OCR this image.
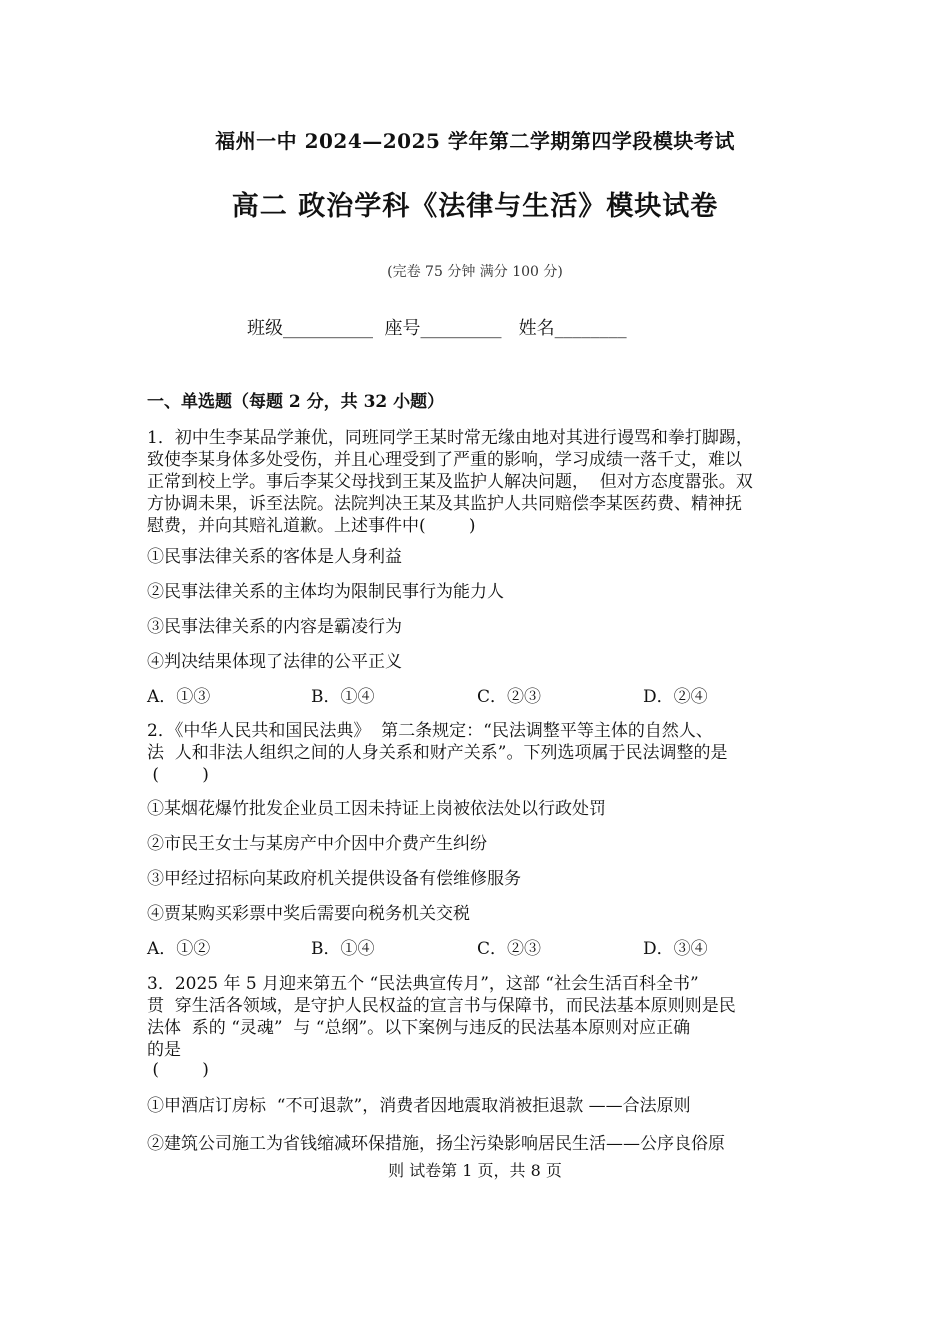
福州一中 2024—2025 学年第二学期第四学段模块考试
高二 政治学科《法律与生活》模块试卷
(完卷 75 分钟 满分 100 分)
班级__________  座号_________   姓名________
一、单选题（每题 2 分，共 32 小题）
1．初中生李某品学兼优，同班同学王某时常无缘由地对其进行谩骂和拳打脚踢，
致使李某身体多处受伤，并且心理受到了严重的影响，学习成绩一落千丈，难以
正常到校上学。事后李某父母找到王某及监护人解决问题，  但对方态度嚣张。双
方协调未果，诉至法院。法院判决王某及其监护人共同赔偿李某医药费、精神抚
慰费，并向其赔礼道歉。上述事件中(        )
①民事法律关系的客体是人身利益
②民事法律关系的主体均为限制民事行为能力人
③民事法律关系的内容是霸凌行为
④判决结果体现了法律的公平正义
A．①③	B．①④	C．②③	D．②④
2．《中华人民共和国民法典》  第二条规定：“民法调整平等主体的自然人、
法  人和非法人组织之间的人身关系和财产关系”。下列选项属于民法调整的是
(        )
①某烟花爆竹批发企业员工因未持证上岗被依法处以行政处罚
②市民王女士与某房产中介因中介费产生纠纷
③甲经过招标向某政府机关提供设备有偿维修服务
④贾某购买彩票中奖后需要向税务机关交税
A．①②	B．①④	C．②③	D．③④
3．2025 年 5 月迎来第五个 “民法典宣传月”，这部 “社会生活百科全书”
贯  穿生活各领域，是守护人民权益的宣言书与保障书，而民法基本原则则是民
法体  系的 “灵魂”  与 “总纲”。以下案例与违反的民法基本原则对应正确
的是
(        )
①甲酒店订房标  “不可退款”，消费者因地震取消被拒退款 ——合法原则
②建筑公司施工为省钱缩减环保措施，扬尘污染影响居民生活——公序良俗原
则 试卷第 1 页，共 8 页
